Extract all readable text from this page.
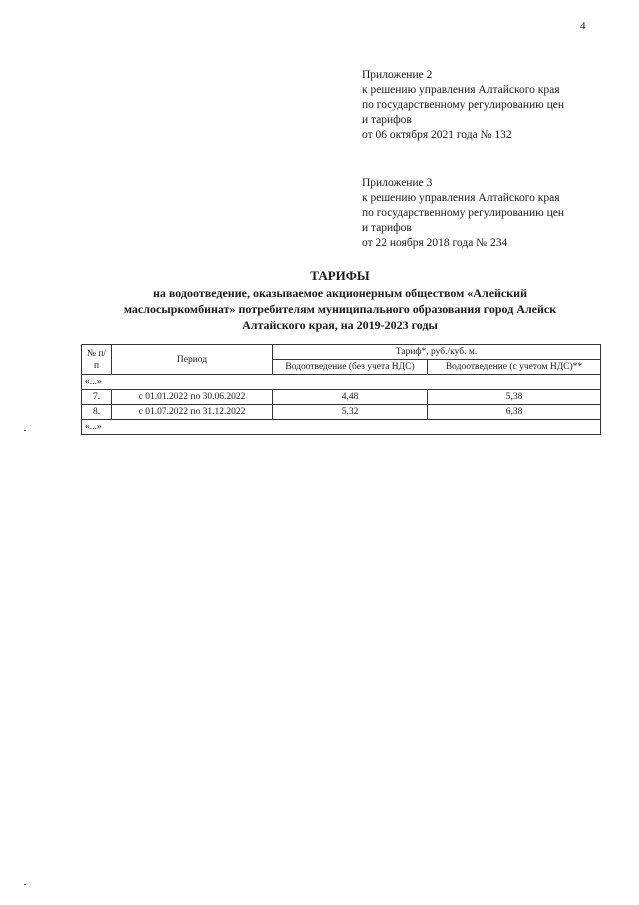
4
Приложение 2
к решению управления Алтайского края
по государственному регулированию цен
и тарифов
от 06 октября 2021 года № 132
Приложение 3
к решению управления Алтайского края
по государственному регулированию цен
и тарифов
от 22 ноября 2018 года № 234
ТАРИФЫ
на водоотведение, оказываемое акционерным обществом «Алейский
маслосыркомбинат» потребителям муниципального образования город Алейск
Алтайского края, на 2019-2023 годы
№ п/п	Период	Тариф*, руб./куб. м.	
		Водоотведение (без учета НДС)	Водоотведение (с учетом НДС)**
«...»			
7.	с 01.01.2022 по 30.06.2022	4,48	5,38
8.	с 01.07.2022 по 31.12.2022	5,32	6,38
«...»			
